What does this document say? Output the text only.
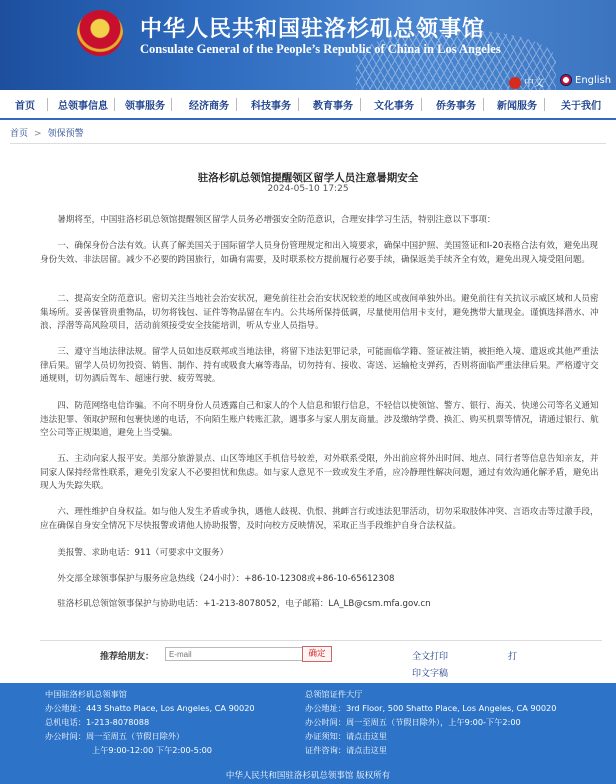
中华人民共和国驻洛杉矶总领事馆
Consulate General of the People’s Republic of China in Los Angeles
中文	English
首页 总领事信息 领事服务 经济商务 科技事务 教育事务 文化事务 侨务事务 新闻服务 关于我们
首页 > 领保预警
驻洛杉矶总领馆提醒领区留学人员注意暑期安全
2024-05-10 17:25
暑期将至，中国驻洛杉矶总领馆提醒领区留学人员务必增强安全防范意识，合理安排学习生活，特别注意以下事项：
一、确保身份合法有效。认真了解美国关于国际留学人员身份管理规定和出入境要求，确保中国护照、美国签证和I-20表格合法有效，避免出现身份失效、非法居留。减少不必要的跨国旅行，如确有需要，及时联系校方提前履行必要手续，确保返美手续齐全有效，避免出现入境受阻问题。
二、提高安全防范意识。密切关注当地社会治安状况，避免前往社会治安状况较差的地区或夜间单独外出。避免前往有关抗议示威区域和人员密集场所。妥善保管贵重物品，切勿将钱包、证件等物品留在车内。公共场所保持低调，尽量使用信用卡支付，避免携带大量现金。谨慎选择潜水、冲浪、浮潜等高风险项目，活动前须接受安全技能培训，听从专业人员指导。
三、遵守当地法律法规。留学人员如违反联邦或当地法律，将留下违法犯罪记录，可能面临学籍、签证被注销，被拒绝入境、遣返或其他严重法律后果。留学人员切勿投资、销售、制作、持有或吸食大麻等毒品，切勿持有、接收、寄送、运输枪支弹药，否则将面临严重法律后果。严格遵守交通规则，切勿酒后驾车、超速行驶、疲劳驾驶。
四、防范网络电信诈骗。不向不明身份人员透露自己和家人的个人信息和银行信息，不轻信以使领馆、警方、银行、海关、快递公司等名义通知违法犯罪、领取护照和包裹快递的电话，不向陌生账户转账汇款，遇事多与家人朋友商量。涉及缴纳学费、换汇、购买机票等情况，请通过银行、航空公司等正规渠道，避免上当受骗。
五、主动向家人报平安。美部分旅游景点、山区等地区手机信号较差，对外联系受限，外出前应将外出时间、地点、同行者等信息告知亲友，并同家人保持经常性联系，避免引发家人不必要担忧和焦虑。如与家人意见不一致或发生矛盾，应冷静理性解决问题，通过有效沟通化解矛盾，避免出现人为失踪失联。
六、理性维护自身权益。如与他人发生矛盾或争执，遇他人歧视、仇恨、挑衅言行或违法犯罪活动，切勿采取肢体冲突、言语攻击等过激手段，应在确保自身安全情况下尽快报警或请他人协助报警，及时向校方反映情况，采取正当手段维护自身合法权益。
美报警、求助电话：911（可要求中文服务）
外交部全球领事保护与服务应急热线（24小时）：+86-10-12308或+86-10-65612308
驻洛杉矶总领馆领事保护与协助电话：+1-213-8078052，电子邮箱：LA_LB@csm.mfa.gov.cn
推荐给朋友：
E-mail	确定	全文打印	打
印文字稿
中国驻洛杉矶总领事馆
办公地址：443 Shatto Place, Los Angeles, CA 90020
总机电话：1-213-8078088
办公时间：周一至周五（节假日除外）
上午9:00-12:00 下午2:00-5:00
总领馆证件大厅
办公地址：3rd Floor, 500 Shatto Place, Los Angeles, CA 90020
办公时间：周一至周五（节假日除外），上午9:00-下午2:00
办证须知：请点击这里
证件咨询：请点击这里
中华人民共和国驻洛杉矶总领事馆 版权所有
